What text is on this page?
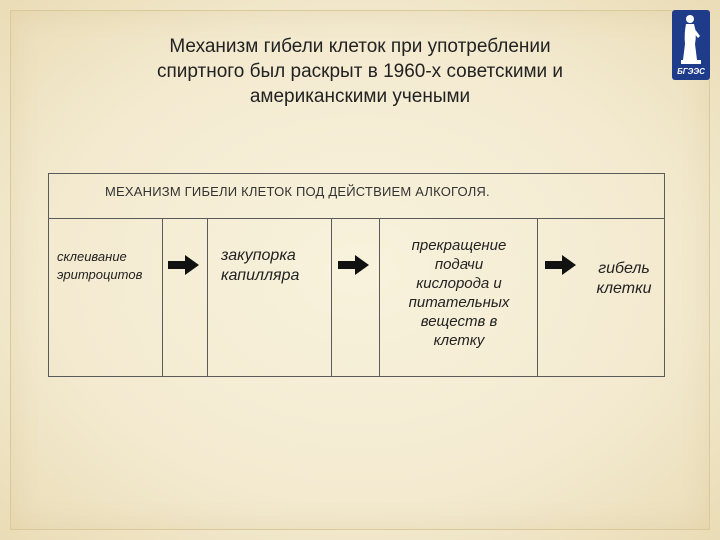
Механизм гибели клеток при употреблении
спиртного был раскрыт в 1960-х советскими и
американскими учеными
БГЭЭС
МЕХАНИЗМ ГИБЕЛИ КЛЕТОК ПОД ДЕЙСТВИЕМ АЛКОГОЛЯ.
склеивание
эритроцитов
закупорка
капилляра
прекращение
подачи
кислорода и
питательных
веществ в
клетку
гибель
клетки
